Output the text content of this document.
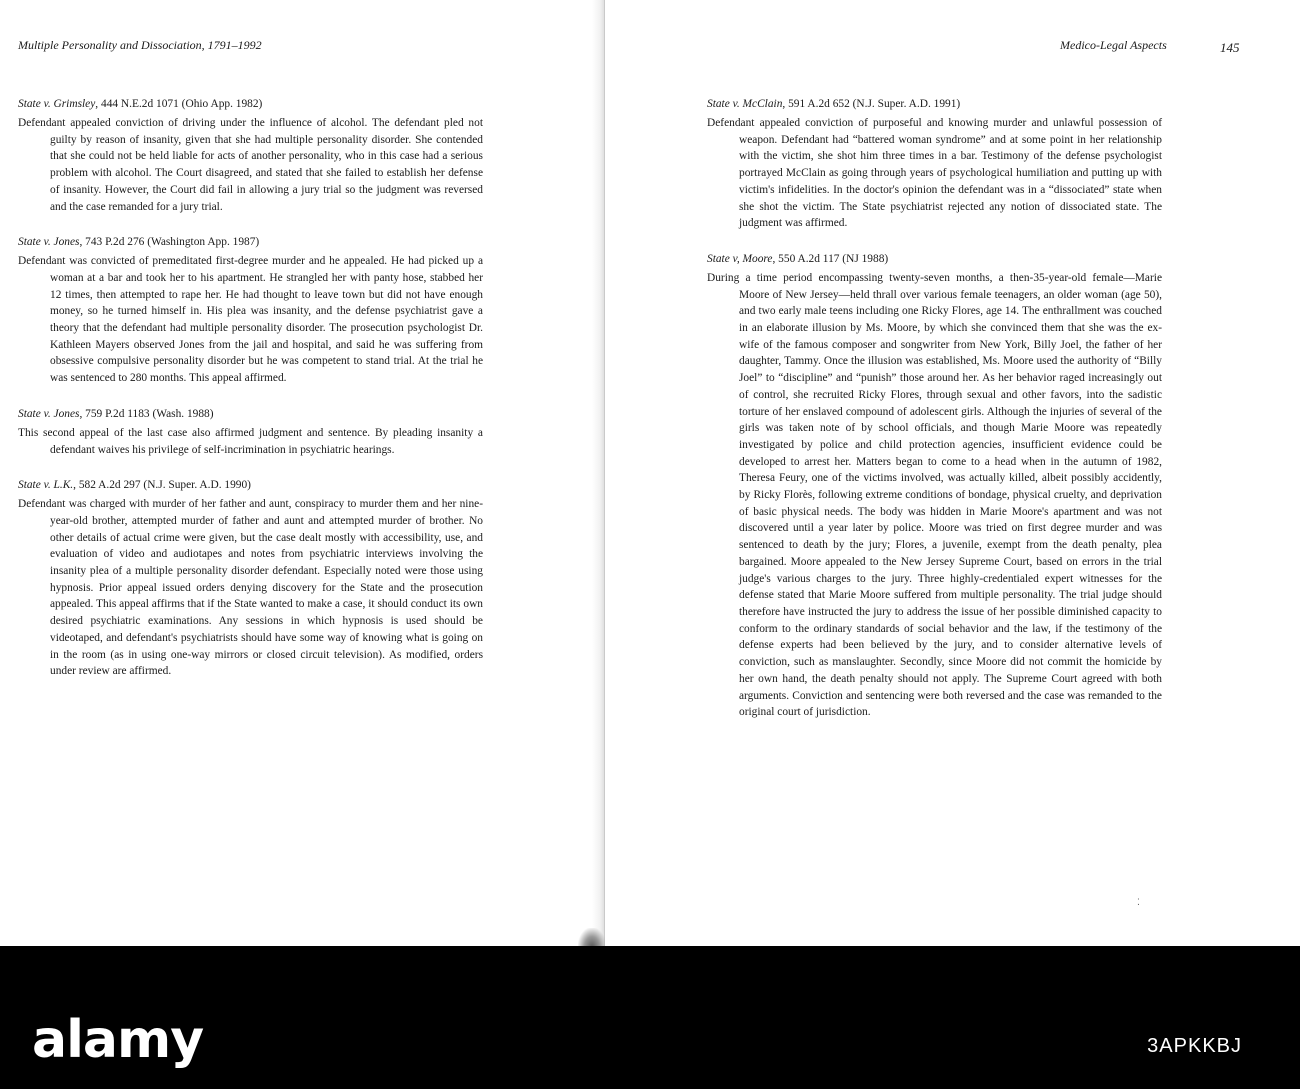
Multiple Personality and Dissociation, 1791–1992

State v. Grimsley, 444 N.E.2d 1071 (Ohio App. 1982)

Defendant appealed conviction of driving under the influence of alcohol. The defendant pled not guilty by reason of insanity, given that she had multiple personality disorder. She contended that she could not be held liable for acts of another personality, who in this case had a serious problem with alcohol. The Court disagreed, and stated that she failed to establish her defense of insanity. However, the Court did fail in allowing a jury trial so the judgment was reversed and the case remanded for a jury trial.

State v. Jones, 743 P.2d 276 (Washington App. 1987)

Defendant was convicted of premeditated first-degree murder and he appealed. He had picked up a woman at a bar and took her to his apartment. He strangled her with panty hose, stabbed her 12 times, then attempted to rape her. He had thought to leave town but did not have enough money, so he turned himself in. His plea was insanity, and the defense psychiatrist gave a theory that the defendant had multiple personality disorder. The prosecution psychologist Dr. Kathleen Mayers observed Jones from the jail and hospital, and said he was suffering from obsessive compulsive personality disorder but he was competent to stand trial. At the trial he was sentenced to 280 months. This appeal affirmed.

State v. Jones, 759 P.2d 1183 (Wash. 1988)

This second appeal of the last case also affirmed judgment and sentence. By pleading insanity a defendant waives his privilege of self-incrimination in psychiatric hearings.

State v. L.K., 582 A.2d 297 (N.J. Super. A.D. 1990)

Defendant was charged with murder of her father and aunt, conspiracy to murder them and her nine-year-old brother, attempted murder of father and aunt and attempted murder of brother. No other details of actual crime were given, but the case dealt mostly with accessibility, use, and evaluation of video and audiotapes and notes from psychiatric interviews involving the insanity plea of a multiple personality disorder defendant. Especially noted were those using hypnosis. Prior appeal issued orders denying discovery for the State and the prosecution appealed. This appeal affirms that if the State wanted to make a case, it should conduct its own desired psychiatric examinations. Any sessions in which hypnosis is used should be videotaped, and defendant's psychiatrists should have some way of knowing what is going on in the room (as in using one-way mirrors or closed circuit television). As modified, orders under review are affirmed.

Medico-Legal Aspects	145

State v. McClain, 591 A.2d 652 (N.J. Super. A.D. 1991)

Defendant appealed conviction of purposeful and knowing murder and unlawful possession of weapon. Defendant had “battered woman syndrome” and at some point in her relationship with the victim, she shot him three times in a bar. Testimony of the defense psychologist portrayed McClain as going through years of psychological humiliation and putting up with victim's infidelities. In the doctor's opinion the defendant was in a “dissociated” state when she shot the victim. The State psychiatrist rejected any notion of dissociated state. The judgment was affirmed.

State v, Moore, 550 A.2d 117 (NJ 1988)

During a time period encompassing twenty-seven months, a then-35-year-old female—Marie Moore of New Jersey—held thrall over various female teenagers, an older woman (age 50), and two early male teens including one Ricky Flores, age 14. The enthrallment was couched in an elaborate illusion by Ms. Moore, by which she convinced them that she was the ex-wife of the famous composer and songwriter from New York, Billy Joel, the father of her daughter, Tammy. Once the illusion was established, Ms. Moore used the authority of “Billy Joel” to “discipline” and “punish” those around her. As her behavior raged increasingly out of control, she recruited Ricky Flores, through sexual and other favors, into the sadistic torture of her enslaved compound of adolescent girls. Although the injuries of several of the girls was taken note of by school officials, and though Marie Moore was repeatedly investigated by police and child protection agencies, insufficient evidence could be developed to arrest her. Matters began to come to a head when in the autumn of 1982, Theresa Feury, one of the victims involved, was actually killed, albeit possibly accidently, by Ricky Florès, following extreme conditions of bondage, physical cruelty, and deprivation of basic physical needs. The body was hidden in Marie Moore's apartment and was not discovered until a year later by police. Moore was tried on first degree murder and was sentenced to death by the jury; Flores, a juvenile, exempt from the death penalty, plea bargained. Moore appealed to the New Jersey Supreme Court, based on errors in the trial judge's various charges to the jury. Three highly-credentialed expert witnesses for the defense stated that Marie Moore suffered from multiple personality. The trial judge should therefore have instructed the jury to address the issue of her possible diminished capacity to conform to the ordinary standards of social behavior and the law, if the testimony of the defense experts had been believed by the jury, and to consider alternative levels of conviction, such as manslaughter. Secondly, since Moore did not commit the homicide by her own hand, the death penalty should not apply. The Supreme Court agreed with both arguments. Conviction and sentencing were both reversed and the case was remanded to the original court of jurisdiction.

⁚
alamy	3APKKBJ
